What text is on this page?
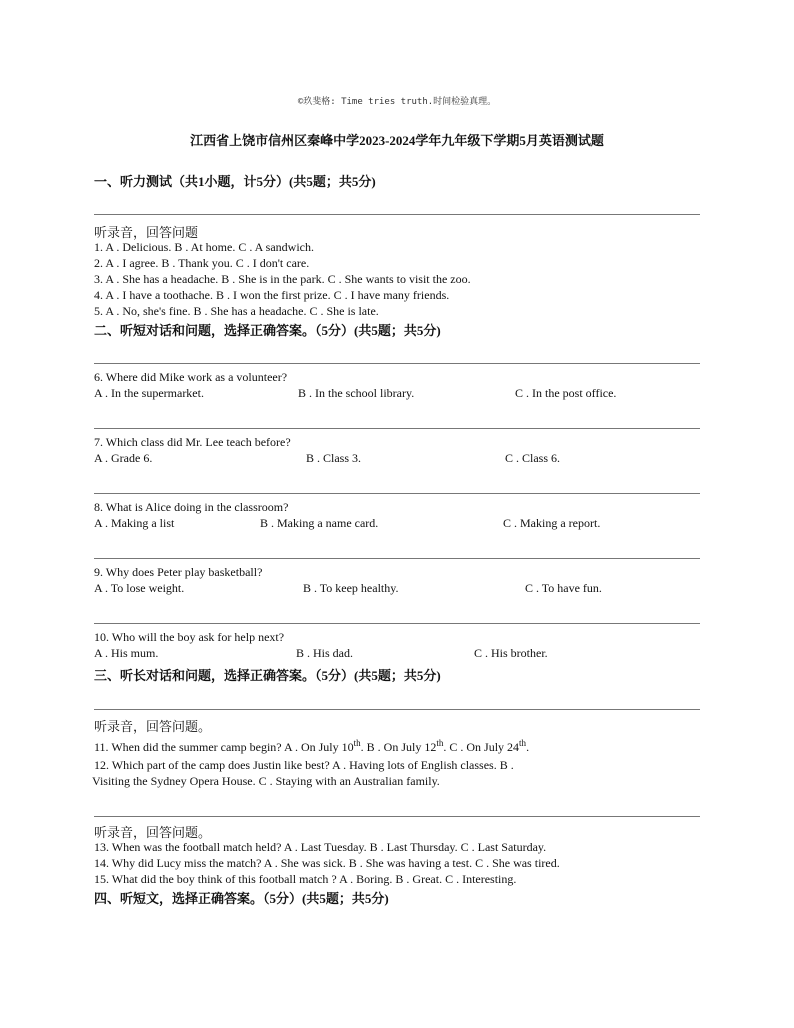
©玖斐格: Time tries truth.时间检验真理。
江西省上饶市信州区秦峰中学2023-2024学年九年级下学期5月英语测试题
一、听力测试（共1小题，计5分）(共5题；共5分)
听录音，回答问题
1. A . Delicious. B . At home. C . A sandwich.
2. A . I agree. B . Thank you. C . I don't care.
3. A . She has a headache. B . She is in the park. C . She wants to visit the zoo.
4. A . I have a toothache. B . I won the first prize. C . I have many friends.
5. A . No, she's fine. B . She has a headache. C . She is late.
二、听短对话和问题，选择正确答案。（5分）(共5题；共5分)
6. Where did Mike work as a volunteer?
A . In the supermarket.	B . In the school library.	C . In the post office.
7. Which class did Mr. Lee teach before?
A . Grade 6.	B . Class 3.	C . Class 6.
8. What is Alice doing in the classroom?
A . Making a list	B . Making a name card.	C . Making a report.
9. Why does Peter play basketball?
A . To lose weight.	B . To keep healthy.	C . To have fun.
10. Who will the boy ask for help next?
A . His mum.	B . His dad.	C . His brother.
三、听长对话和问题，选择正确答案。（5分）(共5题；共5分)
听录音，回答问题。
11. When did the summer camp begin? A . On July 10th. B . On July 12th. C . On July 24th.
12. Which part of the camp does Justin like best? A . Having lots of English classes. B .
Visiting the Sydney Opera House. C . Staying with an Australian family.
听录音，回答问题。
13. When was the football match held? A . Last Tuesday. B . Last Thursday. C . Last Saturday.
14. Why did Lucy miss the match? A . She was sick. B . She was having a test. C . She was tired.
15. What did the boy think of this football match ? A . Boring. B . Great. C . Interesting.
四、听短文，选择正确答案。（5分）(共5题；共5分)
